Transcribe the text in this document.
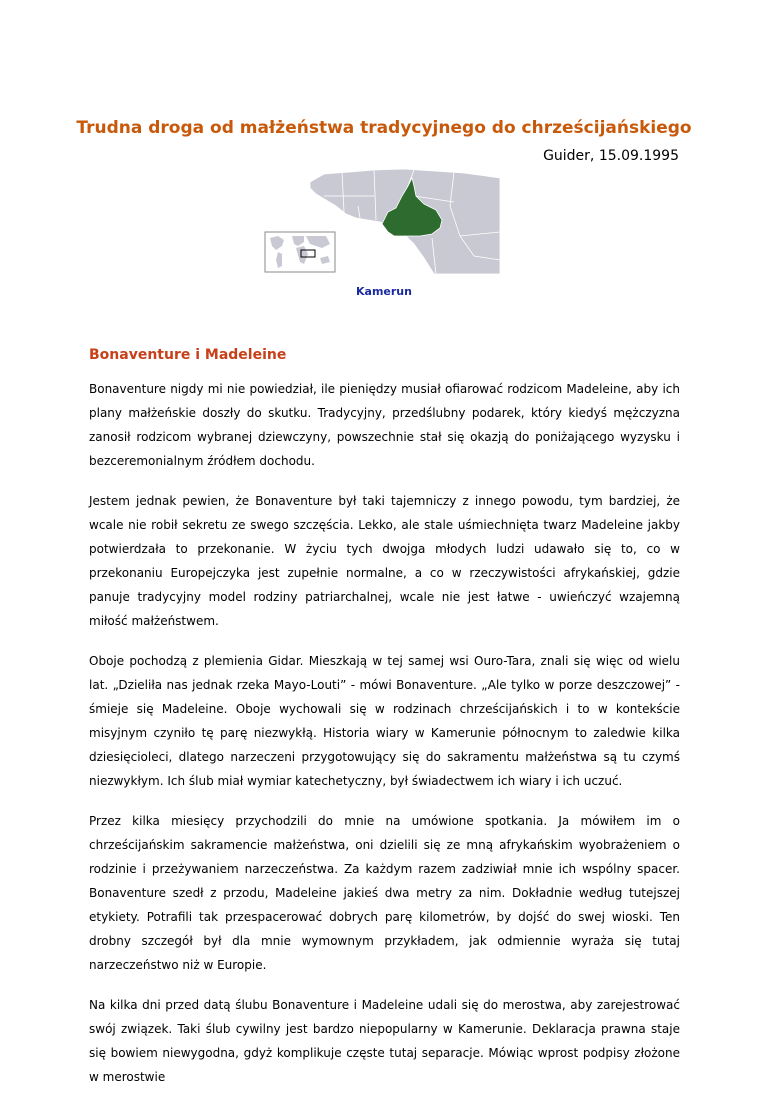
Trudna droga od małżeństwa tradycyjnego do chrześcijańskiego

Guider, 15.09.1995

Kamerun

Bonaventure i Madeleine

Bonaventure nigdy mi nie powiedział, ile pieniędzy musiał ofiarować rodzicom Madeleine, aby ich plany małżeńskie doszły do skutku. Tradycyjny, przedślubny podarek, który kiedyś mężczyzna zanosił rodzicom wybranej dziewczyny, powszechnie stał się okazją do poniżającego wyzysku i bezceremonialnym źródłem dochodu.

Jestem jednak pewien, że Bonaventure był taki tajemniczy z innego powodu, tym bardziej, że wcale nie robił sekretu ze swego szczęścia. Lekko, ale stale uśmiechnięta twarz Madeleine jakby potwierdzała to przekonanie. W życiu tych dwojga młodych ludzi udawało się to, co w przekonaniu Europejczyka jest zupełnie normalne, a co w rzeczywistości afrykańskiej, gdzie panuje tradycyjny model rodziny patriarchalnej, wcale nie jest łatwe - uwieńczyć wzajemną miłość małżeństwem.

Oboje pochodzą z plemienia Gidar. Mieszkają w tej samej wsi Ouro-Tara, znali się więc od wielu lat. „Dzieliła nas jednak rzeka Mayo-Louti” - mówi Bonaventure. „Ale tylko w porze deszczowej” - śmieje się Madeleine. Oboje wychowali się w rodzinach chrześcijańskich i to w kontekście misyjnym czyniło tę parę niezwykłą. Historia wiary w Kamerunie północnym to zaledwie kilka dziesięcioleci, dlatego narzeczeni przygotowujący się do sakramentu małżeństwa są tu czymś niezwykłym. Ich ślub miał wymiar katechetyczny, był świadectwem ich wiary i ich uczuć.

Przez kilka miesięcy przychodzili do mnie na umówione spotkania. Ja mówiłem im o chrześcijańskim sakramencie małżeństwa, oni dzielili się ze mną afrykańskim wyobrażeniem o rodzinie i przeżywaniem narzeczeństwa. Za każdym razem zadziwiał mnie ich wspólny spacer. Bonaventure szedł z przodu, Madeleine jakieś dwa metry za nim. Dokładnie według tutejszej etykiety. Potrafili tak przespacerować dobrych parę kilometrów, by dojść do swej wioski. Ten drobny szczegół był dla mnie wymownym przykładem, jak odmiennie wyraża się tutaj narzeczeństwo niż w Europie.

Na kilka dni przed datą ślubu Bonaventure i Madeleine udali się do merostwa, aby zarejestrować swój związek. Taki ślub cywilny jest bardzo niepopularny w Kamerunie. Deklaracja prawna staje się bowiem niewygodna, gdyż komplikuje częste tutaj separacje. Mówiąc wprost podpisy złożone w merostwie
